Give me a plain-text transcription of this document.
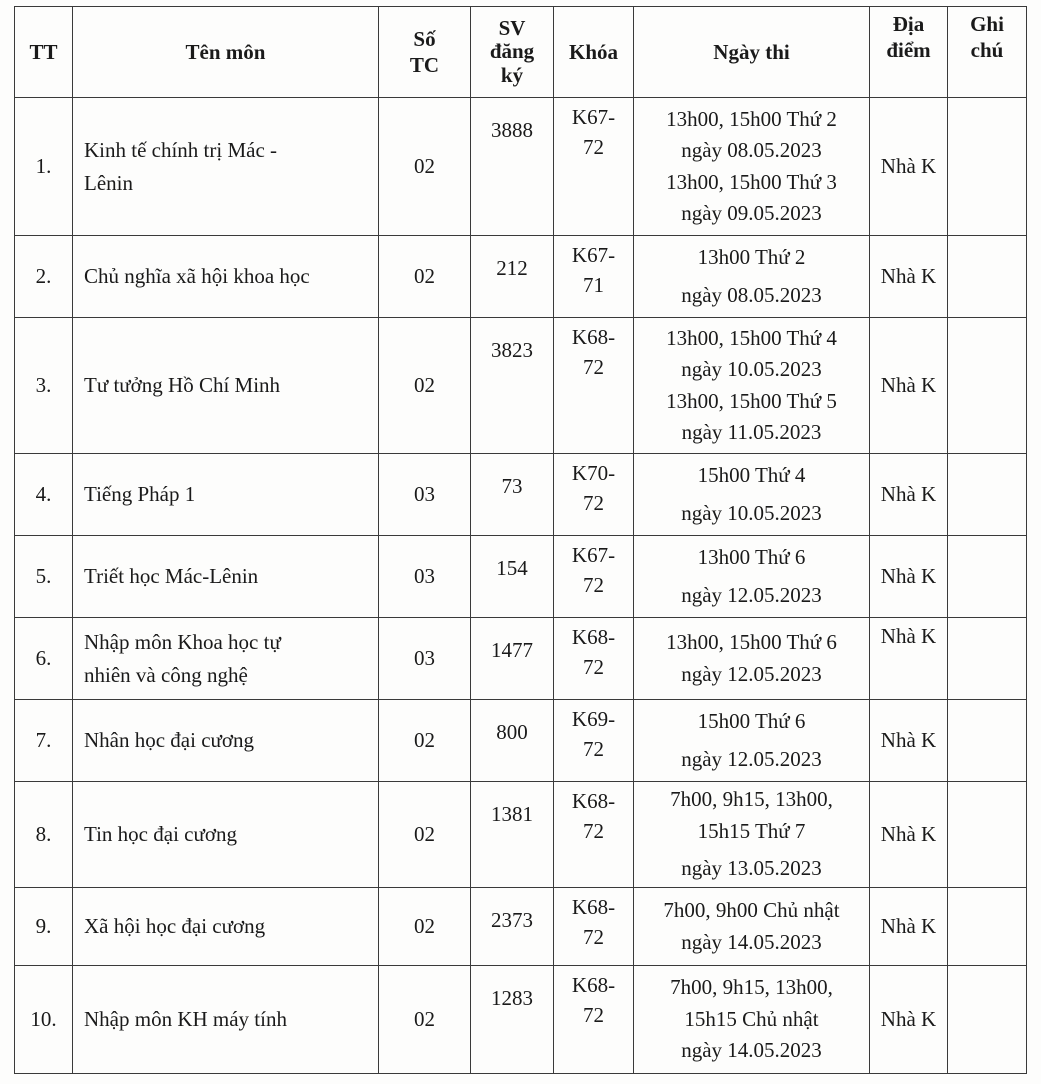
TT	Tên môn	Số
TC	SV
đăng
ký	Khóa	Ngày thi	Địa
điểm	Ghi
chú

1.	Kinh tế chính trị Mác -
Lênin	02	3888	K67-
72	13h00, 15h00 Thứ 2
ngày 08.05.2023
13h00, 15h00 Thứ 3
ngày 09.05.2023	Nhà K	
2.	Chủ nghĩa xã hội khoa học	02	212	K67-
71	13h00 Thứ 2
ngày 08.05.2023	Nhà K	
3.	Tư tưởng Hồ Chí Minh	02	3823	K68-
72	13h00, 15h00 Thứ 4
ngày 10.05.2023
13h00, 15h00 Thứ 5
ngày 11.05.2023	Nhà K	
4.	Tiếng Pháp 1	03	73	K70-
72	15h00 Thứ 4
ngày 10.05.2023	Nhà K	
5.	Triết học Mác-Lênin	03	154	K67-
72	13h00 Thứ 6
ngày 12.05.2023	Nhà K	
6.	Nhập môn Khoa học tự
nhiên và công nghệ	03	1477	K68-
72	13h00, 15h00 Thứ 6
ngày 12.05.2023	Nhà K	
7.	Nhân học đại cương	02	800	K69-
72	15h00 Thứ 6
ngày 12.05.2023	Nhà K	
8.	Tin học đại cương	02	1381	K68-
72	7h00, 9h15, 13h00,
15h15 Thứ 7
ngày 13.05.2023	Nhà K	
9.	Xã hội học đại cương	02	2373	K68-
72	7h00, 9h00 Chủ nhật
ngày 14.05.2023	Nhà K	
10.	Nhập môn KH máy tính	02	1283	K68-
72	7h00, 9h15, 13h00,
15h15 Chủ nhật
ngày 14.05.2023	Nhà K	
